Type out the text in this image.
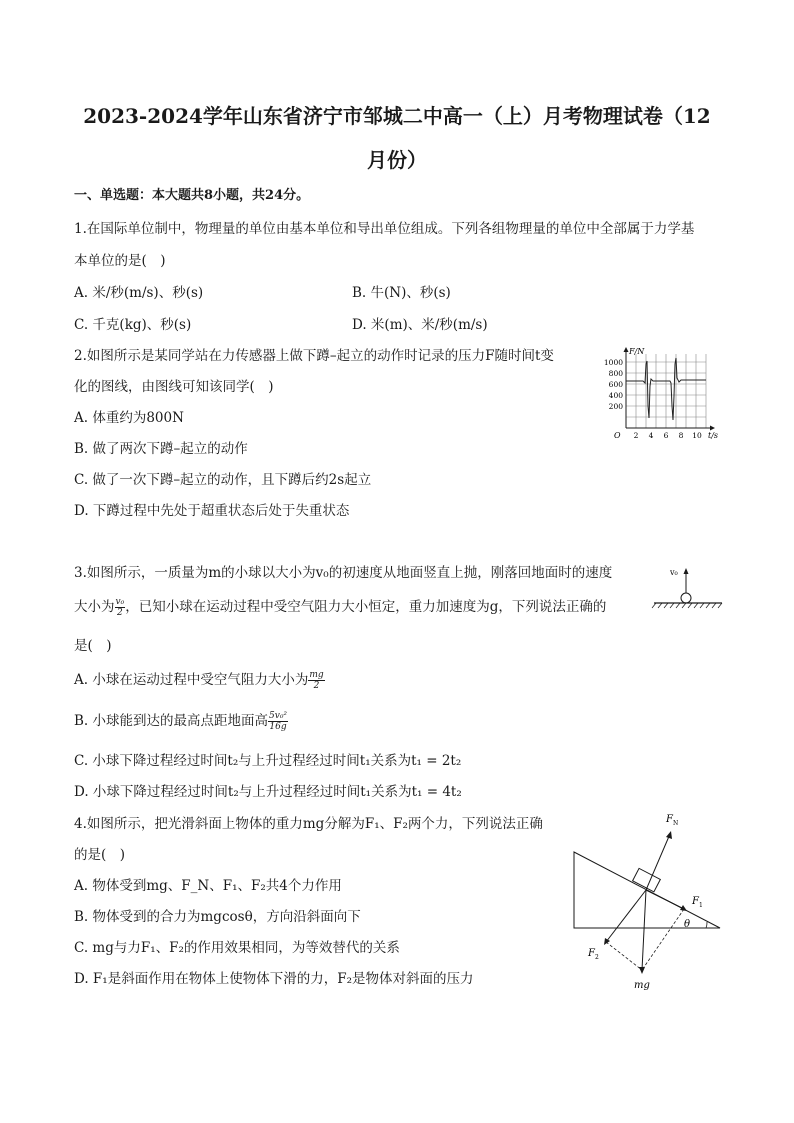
2023-2024学年山东省济宁市邹城二中高一（上）月考物理试卷（12
月份）
一、单选题：本大题共8小题，共24分。
1.在国际单位制中，物理量的单位由基本单位和导出单位组成。下列各组物理量的单位中全部属于力学基
本单位的是(　)
A. 米/秒(m/s)、秒(s)	B. 牛(N)、秒(s)
C. 千克(kg)、秒(s)	D. 米(m)、米/秒(m/s)
2.如图所示是某同学站在力传感器上做下蹲–起立的动作时记录的压力F随时间t变
化的图线，由图线可知该同学(　)
A. 体重约为800N
B. 做了两次下蹲–起立的动作
C. 做了一次下蹲–起立的动作，且下蹲后约2s起立
D. 下蹲过程中先处于超重状态后处于失重状态
F/N
t/s
O
1000
800
600
400
200
2 4 6 8 10
3.如图所示，一质量为m的小球以大小为v₀的初速度从地面竖直上抛，刚落回地面时的速度
大小为 $\frac{\text{v₀}}{2}$ ，已知小球在运动过程中受空气阻力大小恒定，重力加速度为g，下列说法正确的
是(　)
A. 小球在运动过程中受空气阻力大小为 $\frac{mg}{2}$
B. 小球能到达的最高点距地面高 $\frac{\text{5v₀²}}{16g}$
C. 小球下降过程经过时间t₂与上升过程经过时间t₁关系为t₁ = 2t₂
D. 小球下降过程经过时间t₂与上升过程经过时间t₁关系为t₁ = 4t₂
v₀
4.如图所示，把光滑斜面上物体的重力mg分解为F₁、F₂两个力，下列说法正确
的是(　)
A. 物体受到mg、F_N、F₁、F₂共4个力作用
B. 物体受到的合力为mgcosθ，方向沿斜面向下
C. mg与力F₁、F₂的作用效果相同，为等效替代的关系
D. F₁是斜面作用在物体上使物体下滑的力，F₂是物体对斜面的压力
θ
$F_N$
mg
$F_1$
$F_2$
